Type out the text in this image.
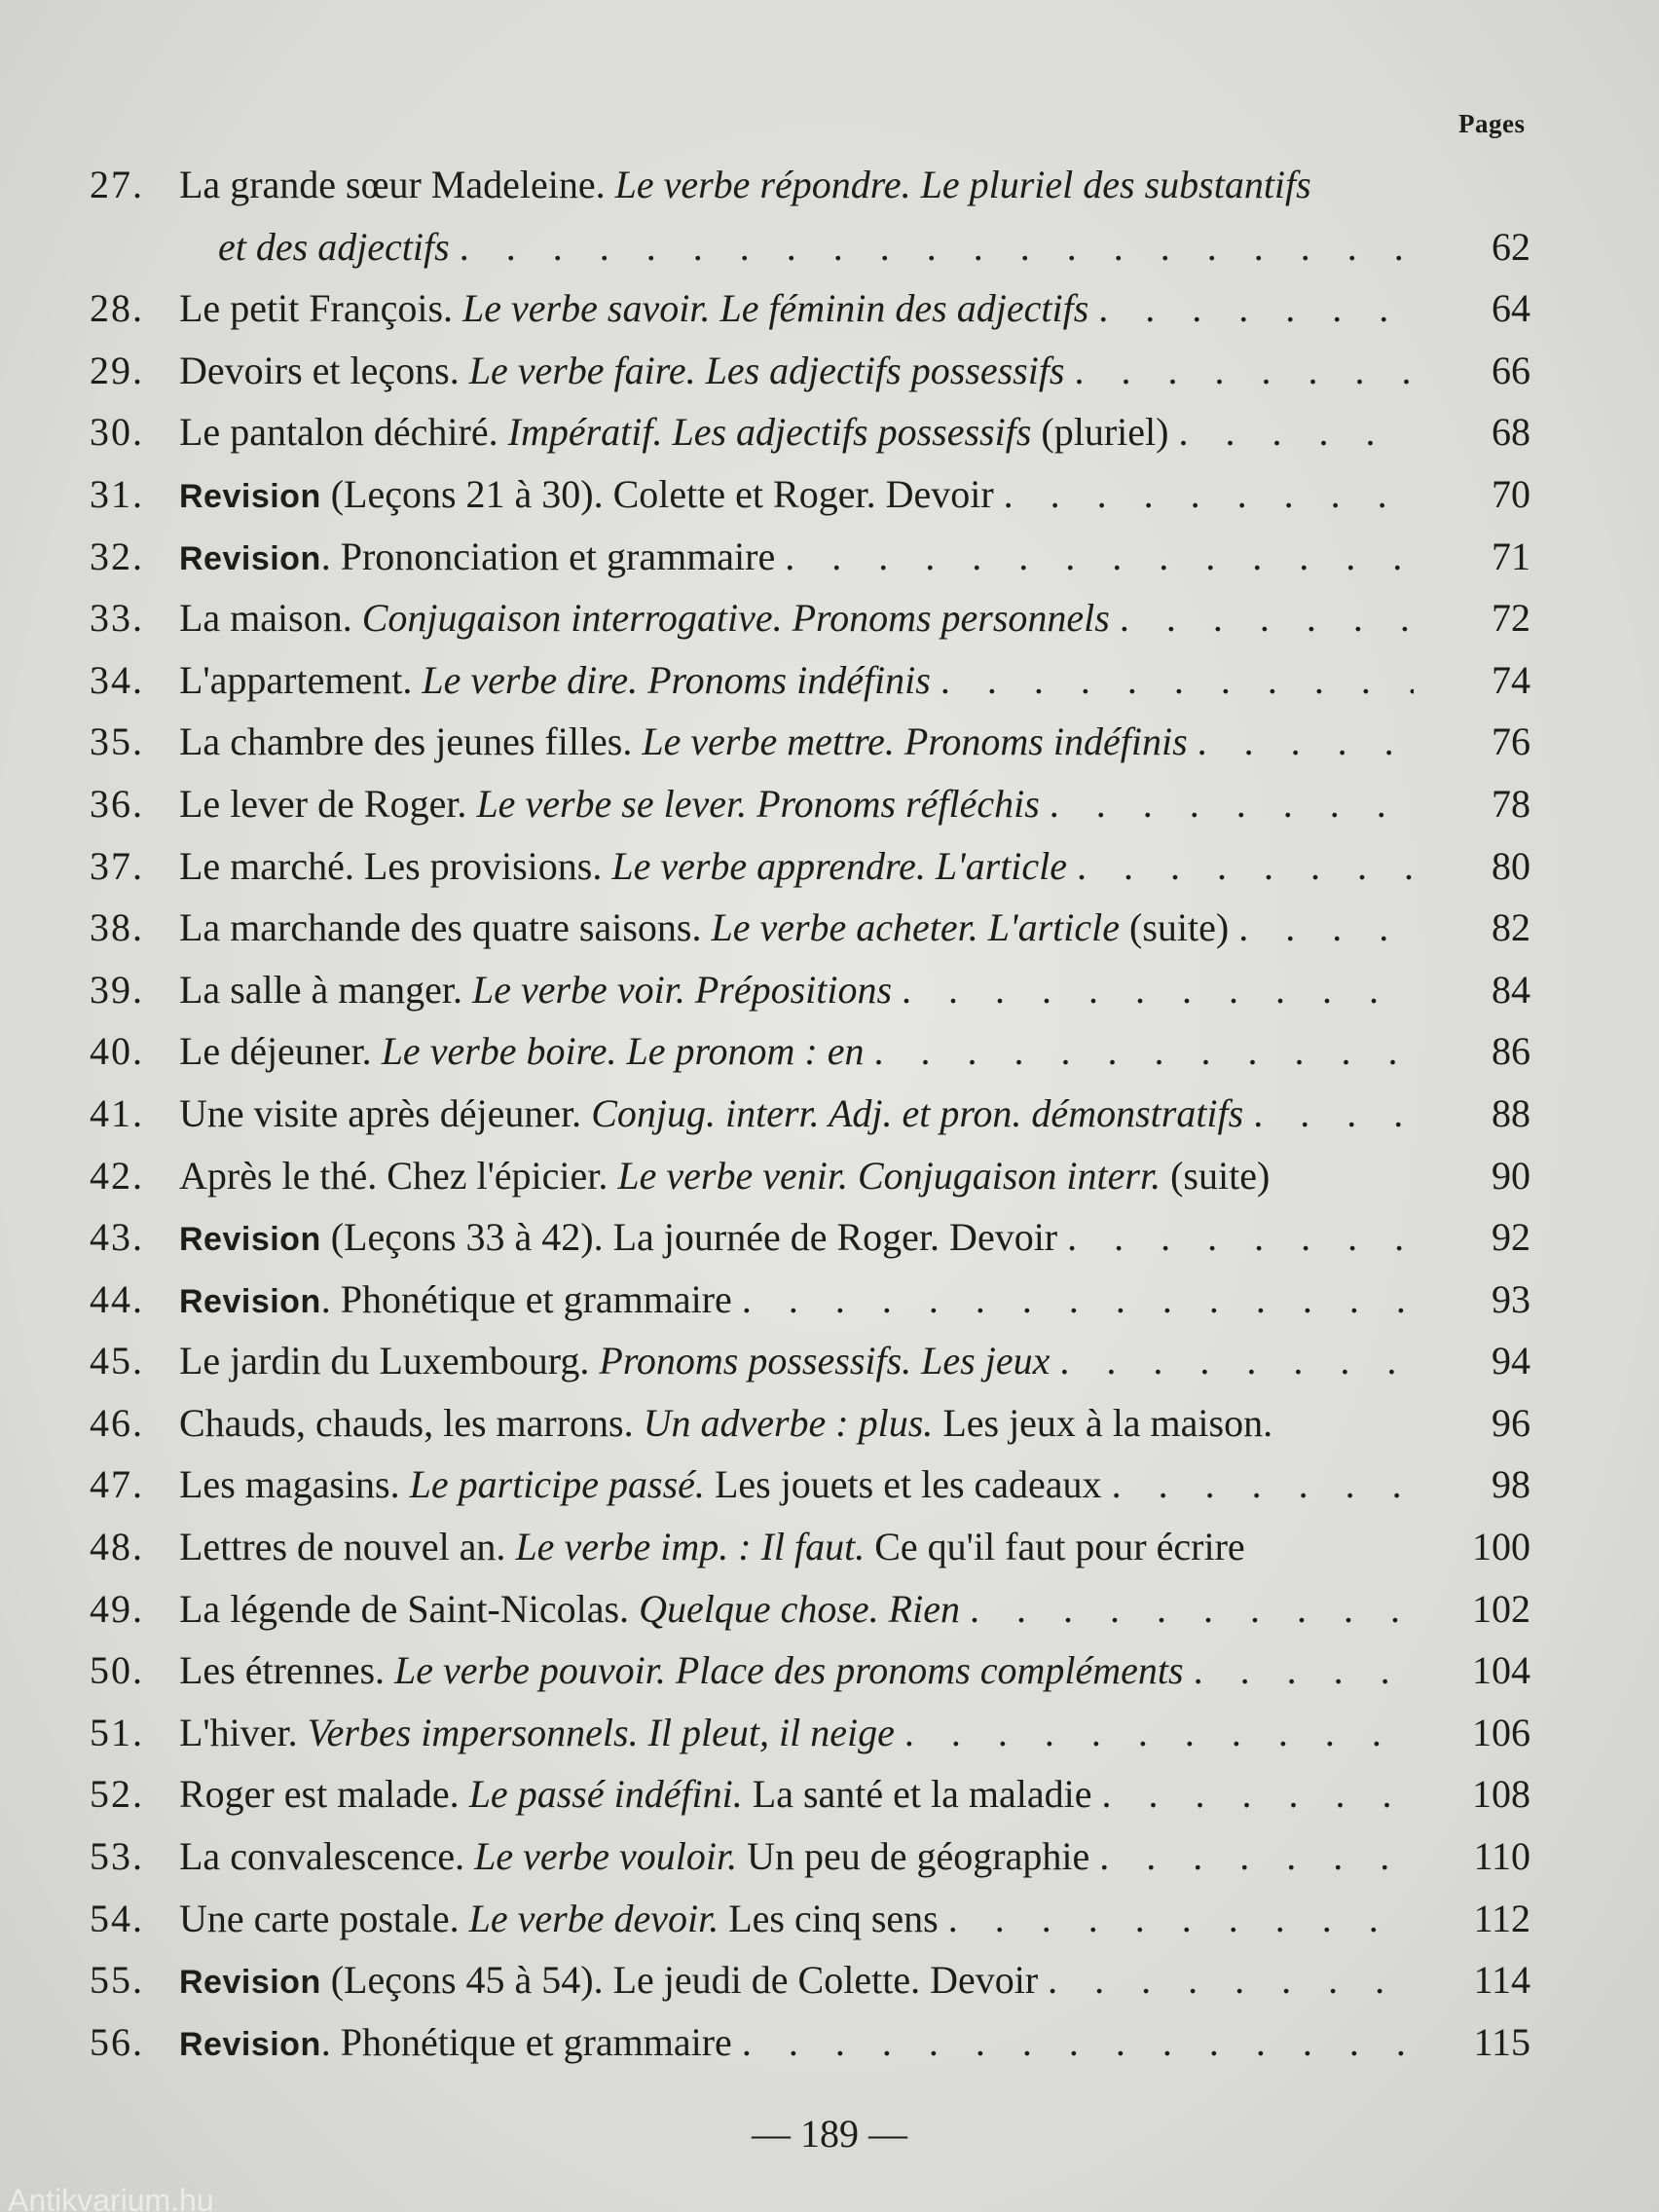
Pages
27. La grande sœur Madeleine. Le verbe répondre. Le pluriel des substantifs
et des adjectifs . . .	62
28. Le petit François. Le verbe savoir. Le féminin des adjectifs . . .	64
29. Devoirs et leçons. Le verbe faire. Les adjectifs possessifs . . .	66
30. Le pantalon déchiré. Impératif. Les adjectifs possessifs (pluriel) . . .	68
31.	Revision (Leçons 21 à 30). Colette et Roger. Devoir . . .	70
32.	Revision. Prononciation et grammaire . . .	71
33. La maison. Conjugaison interrogative. Pronoms personnels . . .	72
34. L'appartement. Le verbe dire. Pronoms indéfinis . . .	74
35. La chambre des jeunes filles. Le verbe mettre. Pronoms indéfinis . . .	76
36. Le lever de Roger. Le verbe se lever. Pronoms réfléchis . . .	78
37. Le marché. Les provisions. Le verbe apprendre. L'article . . .	80
38. La marchande des quatre saisons. Le verbe acheter. L'article (suite) . . .	82
39. La salle à manger. Le verbe voir. Prépositions . . .	84
40. Le déjeuner. Le verbe boire. Le pronom : en . . .	86
41. Une visite après déjeuner. Conjug. interr. Adj. et pron. démonstratifs . . .	88
42. Après le thé. Chez l'épicier. Le verbe venir. Conjugaison interr. (suite)	90
43.	Revision (Leçons 33 à 42). La journée de Roger. Devoir . . .	92
44.	Revision. Phonétique et grammaire . . .	93
45. Le jardin du Luxembourg. Pronoms possessifs. Les jeux . . .	94
46. Chauds, chauds, les marrons. Un adverbe : plus. Les jeux à la maison.	96
47. Les magasins. Le participe passé. Les jouets et les cadeaux . . .	98
48. Lettres de nouvel an. Le verbe imp. : Il faut. Ce qu'il faut pour écrire	100
49. La légende de Saint-Nicolas. Quelque chose. Rien . . .	102
50. Les étrennes. Le verbe pouvoir. Place des pronoms compléments . . .	104
51. L'hiver. Verbes impersonnels. Il pleut, il neige . . .	106
52. Roger est malade. Le passé indéfini. La santé et la maladie . . .	108
53. La convalescence. Le verbe vouloir. Un peu de géographie . . .	110
54. Une carte postale. Le verbe devoir. Les cinq sens . . .	112
55.	Revision (Leçons 45 à 54). Le jeudi de Colette. Devoir . . .	114
56.	Revision. Phonétique et grammaire . . .	115
— 189 —
Antikvarium.hu
